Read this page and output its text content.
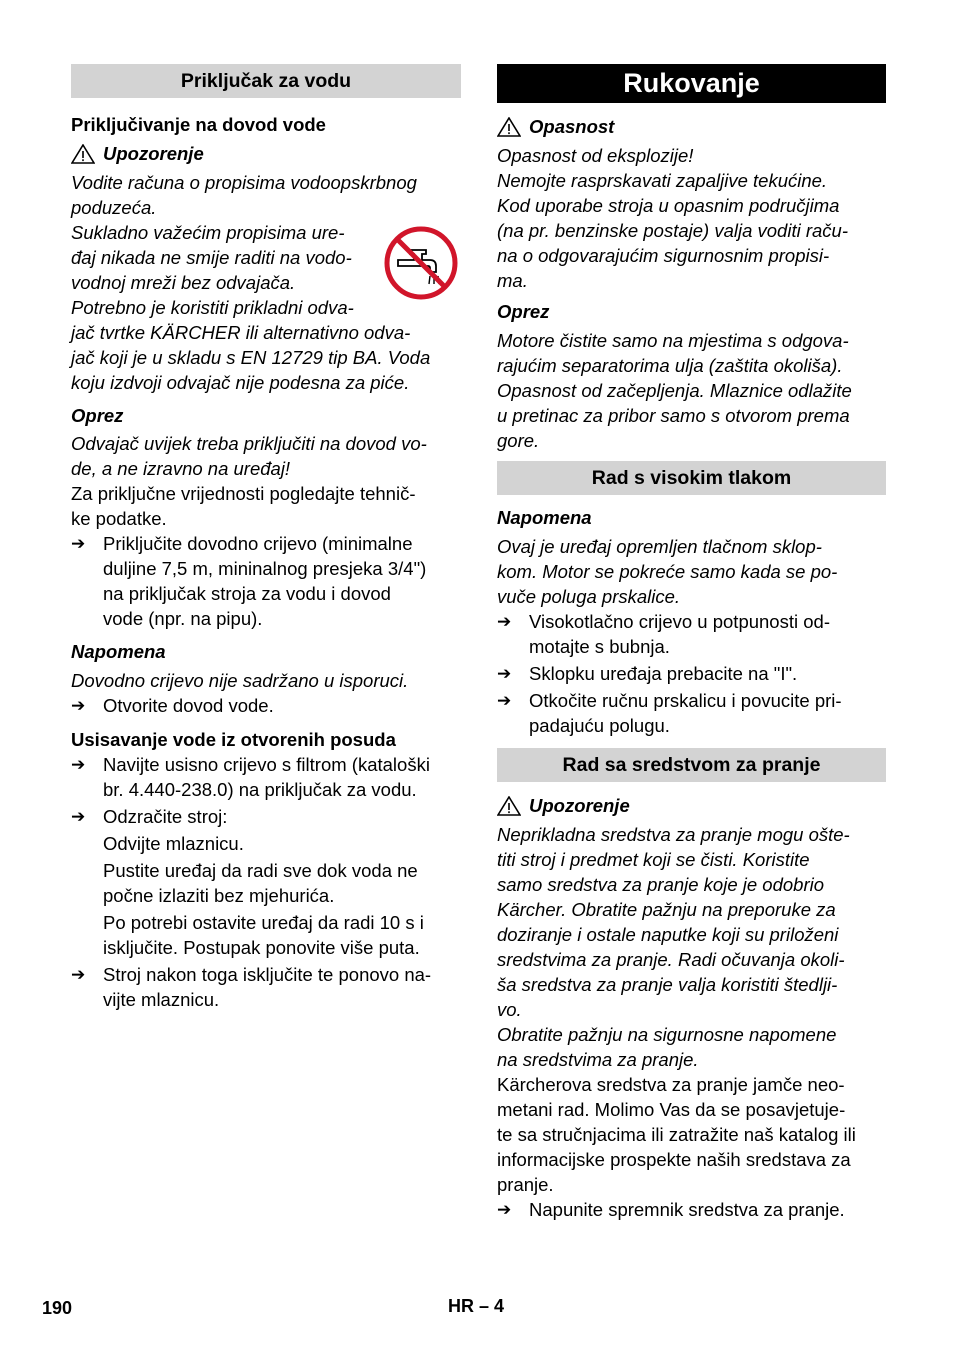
Priključak za vodu
Priključivanje na dovod vode
Upozorenje
Vodite računa o propisima vodoopskrbnog
poduzeća.
Sukladno važećim propisima ure-
đaj nikada ne smije raditi na vodo-
vodnoj mreži bez odvajača.
Potrebno je koristiti prikladni odva-
jač tvrtke KÄRCHER ili alternativno odva-
jač koji je u skladu s EN 12729 tip BA. Voda
koju izdvoji odvajač nije podesna za piće.
Oprez
Odvajač uvijek treba priključiti na dovod vo-
de, a ne izravno na uređaj!
Za priključne vrijednosti pogledajte tehnič-
ke podatke.
➔ Priključite dovodno crijevo (minimalne
duljine 7,5 m, mininalnog presjeka 3/4")
na priključak stroja za vodu i dovod
vode (npr. na pipu).
Napomena
Dovodno crijevo nije sadržano u isporuci.
➔ Otvorite dovod vode.
Usisavanje vode iz otvorenih posuda
➔ Navijte usisno crijevo s filtrom (kataloški
br. 4.440-238.0) na priključak za vodu.
➔ Odzračite stroj:
Odvijte mlaznicu.
Pustite uređaj da radi sve dok voda ne
počne izlaziti bez mjehurića.
Po potrebi ostavite uređaj da radi 10 s i
isključite. Postupak ponovite više puta.
➔ Stroj nakon toga isključite te ponovo na-
vijte mlaznicu.
Rukovanje
Opasnost
Opasnost od eksplozije!
Nemojte rasprskavati zapaljive tekućine.
Kod uporabe stroja u opasnim područjima
(na pr. benzinske postaje) valja voditi raču-
na o odgovarajućim sigurnosnim propisi-
ma.
Oprez
Motore čistite samo na mjestima s odgova-
rajućim separatorima ulja (zaštita okoliša).
Opasnost od začepljenja. Mlaznice odlažite
u pretinac za pribor samo s otvorom prema
gore.
Rad s visokim tlakom
Napomena
Ovaj je uređaj opremljen tlačnom sklop-
kom. Motor se pokreće samo kada se po-
vuče poluga prskalice.
➔ Visokotlačno crijevo u potpunosti od-
motajte s bubnja.
➔ Sklopku uređaja prebacite na "I".
➔ Otkočite ručnu prskalicu i povucite pri-
padajuću polugu.
Rad sa sredstvom za pranje
Upozorenje
Neprikladna sredstva za pranje mogu ošte-
titi stroj i predmet koji se čisti. Koristite
samo sredstva za pranje koje je odobrio
Kärcher. Obratite pažnju na preporuke za
doziranje i ostale naputke koji su priloženi
sredstvima za pranje. Radi očuvanja okoli-
ša sredstva za pranje valja koristiti štedlji-
vo.
Obratite pažnju na sigurnosne napomene
na sredstvima za pranje.
Kärcherova sredstva za pranje jamče neo-
metani rad. Molimo Vas da se posavjetuje-
te sa stručnjacima ili zatražite naš katalog ili
informacijske prospekte naših sredstava za
pranje.
➔ Napunite spremnik sredstva za pranje.
190	HR – 4
